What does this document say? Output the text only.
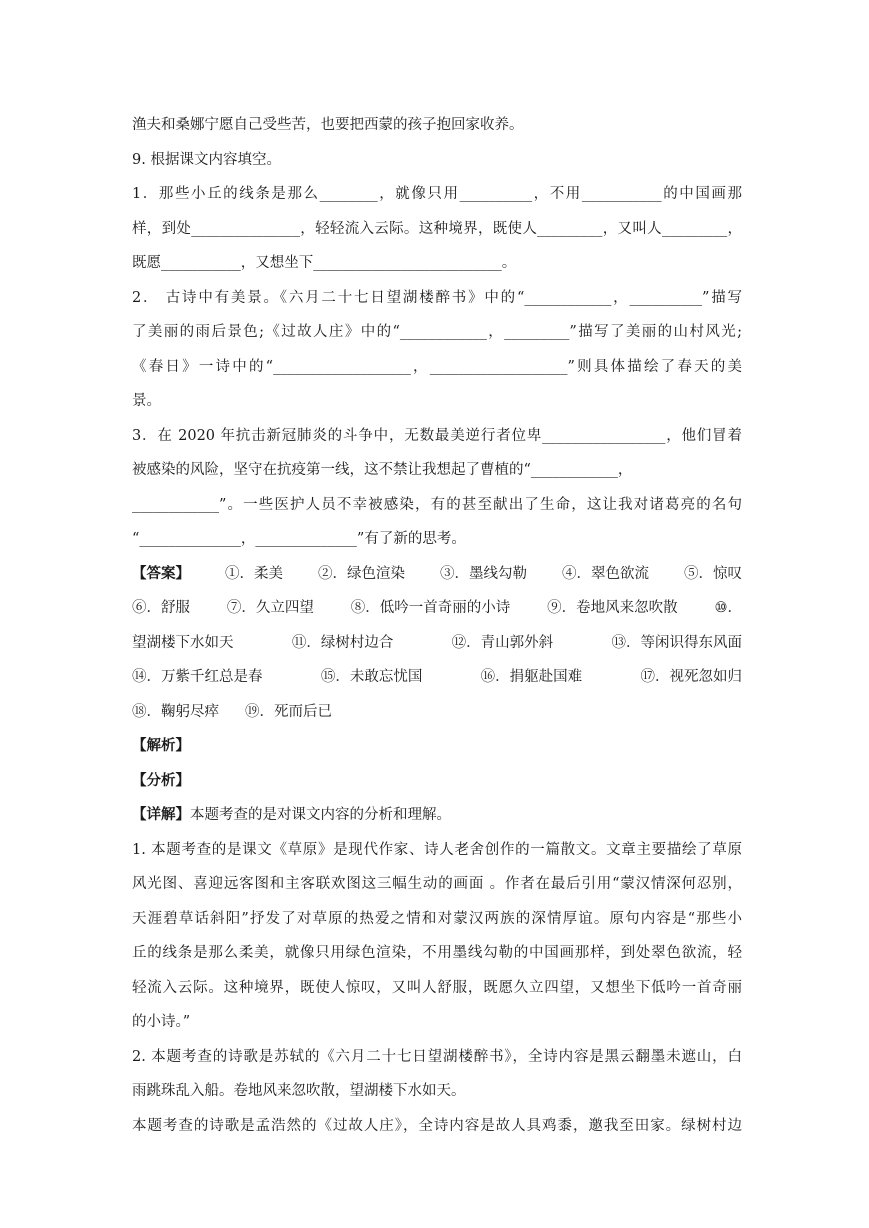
渔夫和桑娜宁愿自己受些苦，也要把西蒙的孩子抱回家收养。
9. 根据课文内容填空。
1．那些小丘的线条是那么________，就像只用__________，不用___________的中国画那
样，到处_______________，轻轻流入云际。这种境界，既使人_________，又叫人_________，
既愿___________，又想坐下__________________________。
2． 古诗中有美景。《六月二十七日望湖楼醉书》中的“____________，__________”描写
了美丽的雨后景色;《过故人庄》中的“____________，_________”描写了美丽的山村风光;
《春日》一诗中的“___________________，___________________”则具体描绘了春天的美
景。
3．在 2020 年抗击新冠肺炎的斗争中，无数最美逆行者位卑_________________，他们冒着
被感染的风险，坚守在抗疫第一线，这不禁让我想起了曹植的“____________，
____________”。一些医护人员不幸被感染，有的甚至献出了生命，这让我对诸葛亮的名句
“______________，______________”有了新的思考。
【答案】 ①．柔美 ②．绿色渲染 ③．墨线勾勒 ④．翠色欲流 ⑤．惊叹
⑥．舒服	⑦．久立四望	⑧．低吟一首奇丽的小诗	⑨．卷地风来忽吹散	⑩．
望湖楼下水如天	⑪．绿树村边合	⑫．青山郭外斜	⑬．等闲识得东风面
⑭．万紫千红总是春	⑮．未敢忘忧国	⑯．捐躯赴国难	⑰．视死忽如归
⑱．鞠躬尽瘁 ⑲．死而后已
【解析】
【分析】
【详解】本题考查的是对课文内容的分析和理解。
1. 本题考查的是课文《草原》是现代作家、诗人老舍创作的一篇散文。文章主要描绘了草原
风光图、喜迎远客图和主客联欢图这三幅生动的画面 。作者在最后引用“蒙汉情深何忍别，
天涯碧草话斜阳”抒发了对草原的热爱之情和对蒙汉两族的深情厚谊。原句内容是“那些小
丘的线条是那么柔美，就像只用绿色渲染，不用墨线勾勒的中国画那样，到处翠色欲流，轻
轻流入云际。这种境界，既使人惊叹，又叫人舒服，既愿久立四望，又想坐下低吟一首奇丽
的小诗。”
2. 本题考查的诗歌是苏轼的《六月二十七日望湖楼醉书》，全诗内容是黑云翻墨未遮山，白
雨跳珠乱入船。卷地风来忽吹散，望湖楼下水如天。
本题考查的诗歌是孟浩然的《过故人庄》，全诗内容是故人具鸡黍，邀我至田家。绿树村边
